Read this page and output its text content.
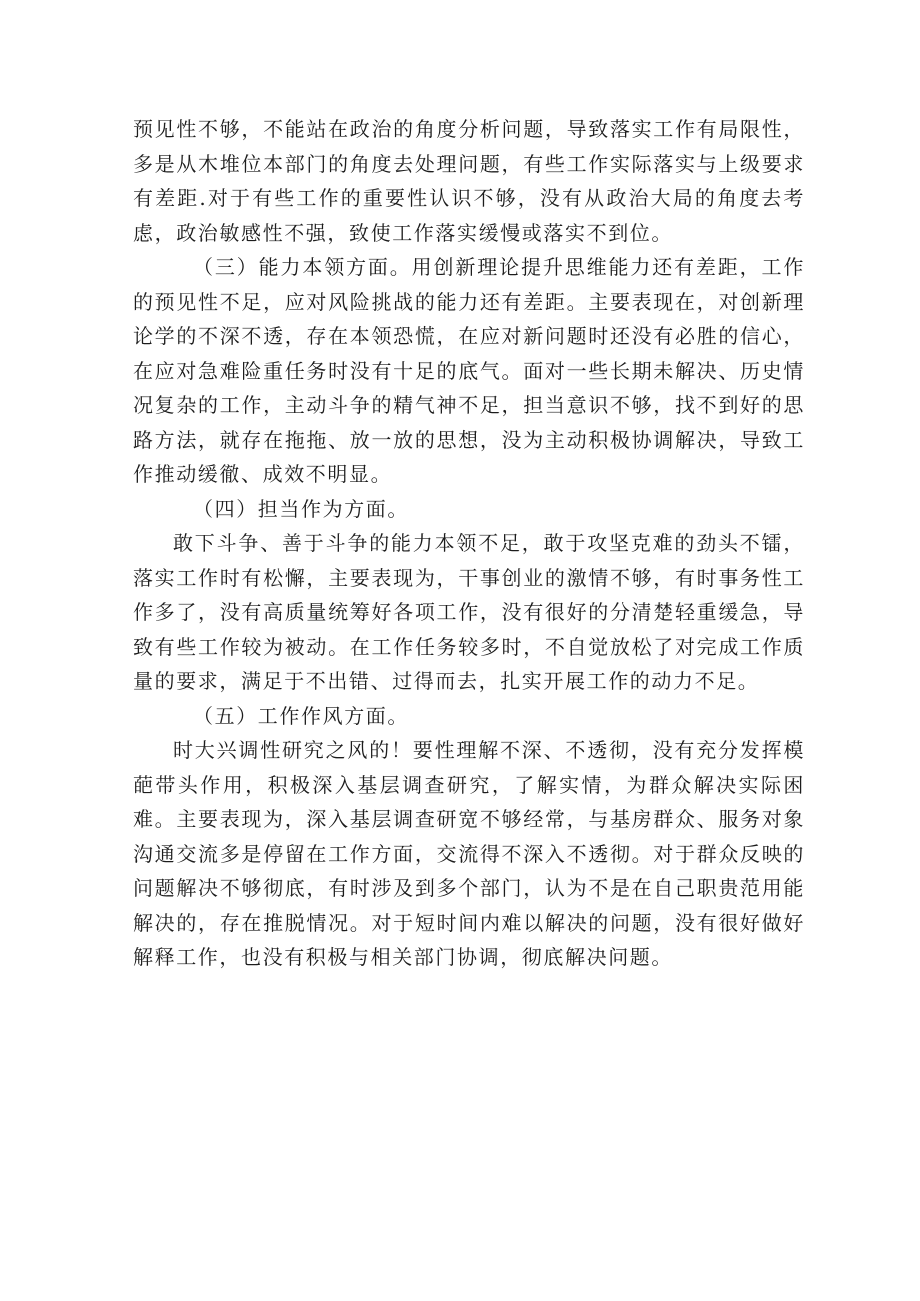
预见性不够，不能站在政治的角度分析问题，导致落实工作有局限性，多是从木堆位本部门的角度去处理问题，有些工作实际落实与上级要求有差距.对于有些工作的重要性认识不够，没有从政治大局的角度去考虑，政治敏感性不强，致使工作落实缓慢或落实不到位。

（三）能力本领方面。用创新理论提升思维能力还有差距，工作的预见性不足，应对风险挑战的能力还有差距。主要表现在，对创新理论学的不深不透，存在本领恐慌，在应对新问题时还没有必胜的信心，在应对急难险重任务时没有十足的底气。面对一些长期未解决、历史情况复杂的工作，主动斗争的精气神不足，担当意识不够，找不到好的思路方法，就存在拖拖、放一放的思想，没为主动积极协调解决，导致工作推动缓徹、成效不明显。

（四）担当作为方面。

敢下斗争、善于斗争的能力本领不足，敢于攻坚克难的劲头不镭，落实工作时有松懈，主要表现为，干事创业的激情不够，有时事务性工作多了，没有高质量统筹好各项工作，没有很好的分清楚轻重缓急，导致有些工作较为被动。在工作任务较多时，不自觉放松了对完成工作质量的要求，满足于不出错、过得而去，扎实开展工作的动力不足。

（五）工作作风方面。

时大兴调性研究之风的！要性理解不深、不透彻，没有充分发挥模葩带头作用，积极深入基层调查研究，了解实情，为群众解决实际困难。主要表现为，深入基层调查研宽不够经常，与基房群众、服务对象沟通交流多是停留在工作方面，交流得不深入不透彻。对于群众反映的问题解决不够彻底，有时涉及到多个部门，认为不是在自己职贵范用能解决的，存在推脱情况。对于短时间内难以解决的问题，没有很好做好解释工作，也没有积极与相关部门协调，彻底解决问题。
